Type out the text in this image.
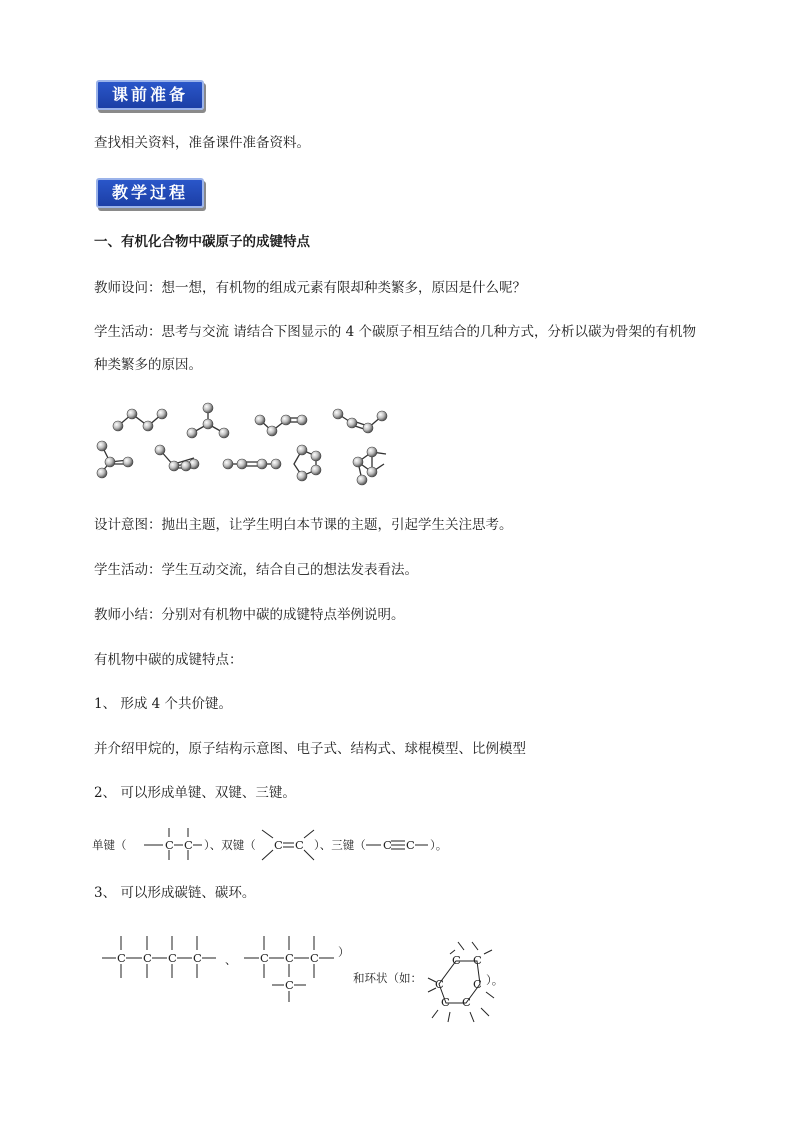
课前准备
查找相关资料，准备课件准备资料。
教学过程
一、有机化合物中碳原子的成键特点
教师设问：想一想，有机物的组成元素有限却种类繁多，原因是什么呢？
学生活动：思考与交流 请结合下图显示的 4 个碳原子相互结合的几种方式，分析以碳为骨架的有机物种类繁多的原因。
设计意图：抛出主题，让学生明白本节课的主题，引起学生关注思考。
学生活动：学生互动交流，结合自己的想法发表看法。
教师小结：分别对有机物中碳的成键特点举例说明。
有机物中碳的成键特点：
1、 形成 4 个共价键。
并介绍甲烷的，原子结构示意图、电子式、结构式、球棍模型、比例模型
2、 可以形成单键、双键、三键。
单键（	C C ）、双键（ C C ）、三键（ C C ）。
3、 可以形成碳链、碳环。
C C C C 、 C C C
C
）
和环状（如：
C C
C	C
C C
）。
